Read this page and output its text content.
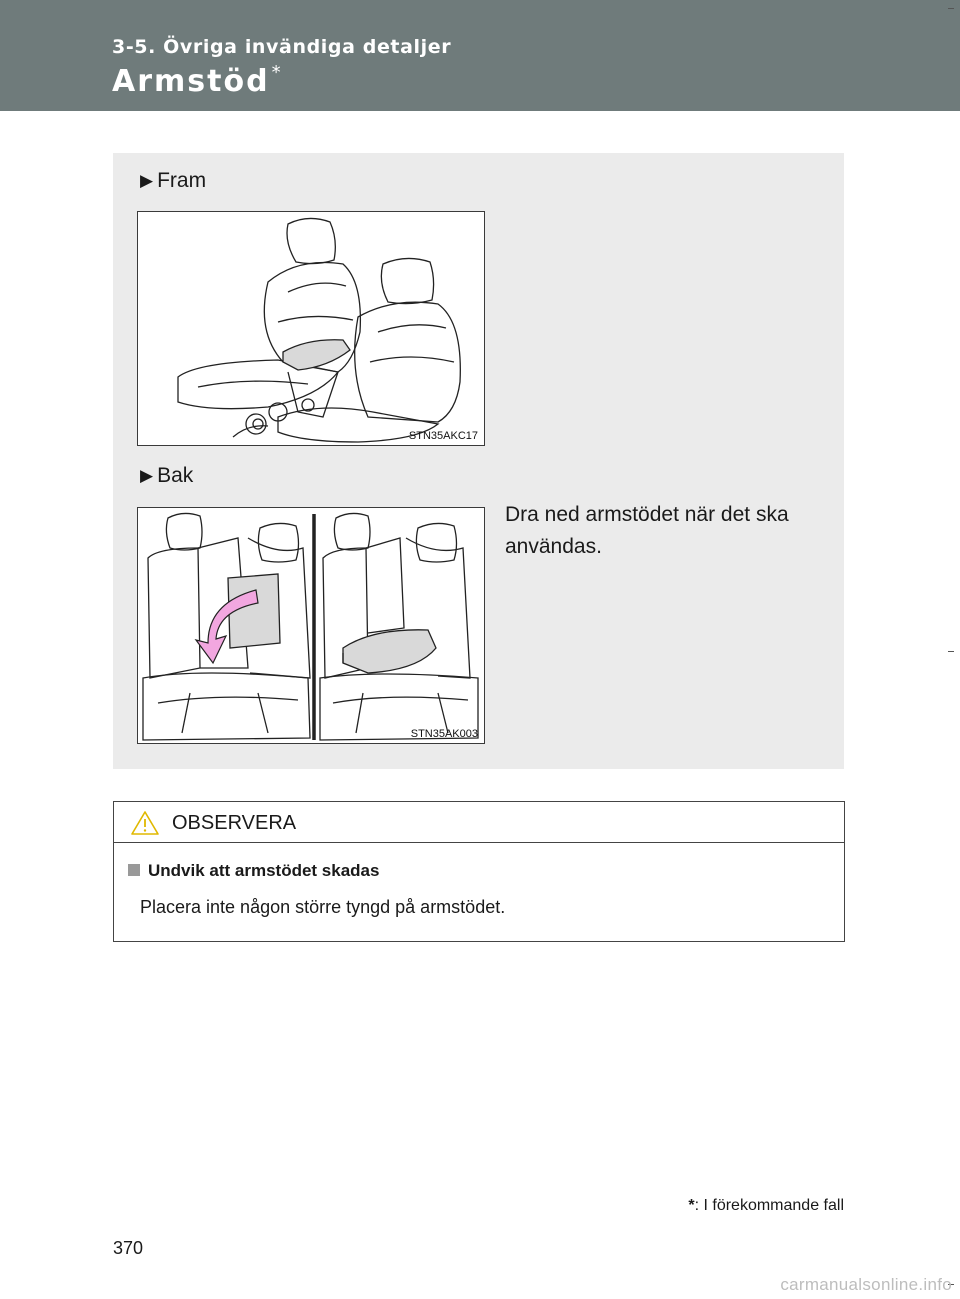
3-5. Övriga invändiga detaljer
Armstöd *
▶ Fram
STN35AKC17
▶ Bak
STN35AK003
Dra ned armstödet när det ska användas.
OBSERVERA
Undvik att armstödet skadas
Placera inte någon större tyngd på armstödet.
*: I förekommande fall
370
carmanualsonline.info
